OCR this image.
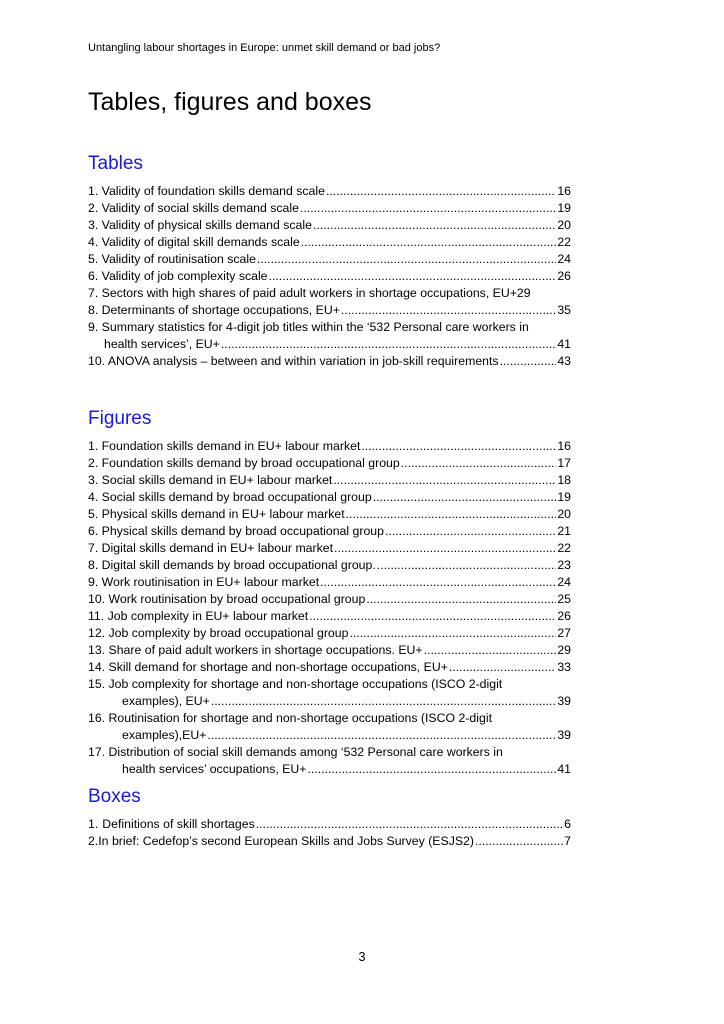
Untangling labour shortages in Europe: unmet skill demand or bad jobs?
Tables, figures and boxes
Tables
1. Validity of foundation skills demand scale .....	16
2. Validity of social skills demand scale .....	19
3. Validity of physical skills demand scale .....	20
4. Validity of digital skill demands scale .....	22
5. Validity of routinisation scale .....	24
6. Validity of job complexity scale .....	26
7. Sectors with high shares of paid adult workers in shortage occupations, EU+ 29
8. Determinants of shortage occupations, EU+ .....	35
9. Summary statistics for 4-digit job titles within the ‘532 Personal care workers in
health services’, EU+ .....	41
10. ANOVA analysis – between and within variation in job-skill requirements .....	43
Figures
1. Foundation skills demand in EU+ labour market .....	16
2. Foundation skills demand by broad occupational group .....	17
3. Social skills demand in EU+ labour market .....	18
4. Social skills demand by broad occupational group .....	19
5. Physical skills demand in EU+ labour market .....	20
6. Physical skills demand by broad occupational group .....	21
7. Digital skills demand in EU+ labour market .....	22
8. Digital skill demands by broad occupational group. .....	23
9. Work routinisation in EU+ labour market .....	24
10. Work routinisation by broad occupational group .....	25
11. Job complexity in EU+ labour market .....	26
12. Job complexity by broad occupational group .....	27
13. Share of paid adult workers in shortage occupations. EU+ .....	29
14. Skill demand for shortage and non-shortage occupations, EU+ .....	33
15. Job complexity for shortage and non-shortage occupations (ISCO 2-digit
examples), EU+ .....	39
16. Routinisation for shortage and non-shortage occupations (ISCO 2-digit
examples),EU+ .....	39
17. Distribution of social skill demands among ‘532 Personal care workers in
health services’ occupations, EU+ .....	41
Boxes
1. Definitions of skill shortages .....	6
2. In brief: Cedefop’s second European Skills and Jobs Survey (ESJS2) .....	7
3
